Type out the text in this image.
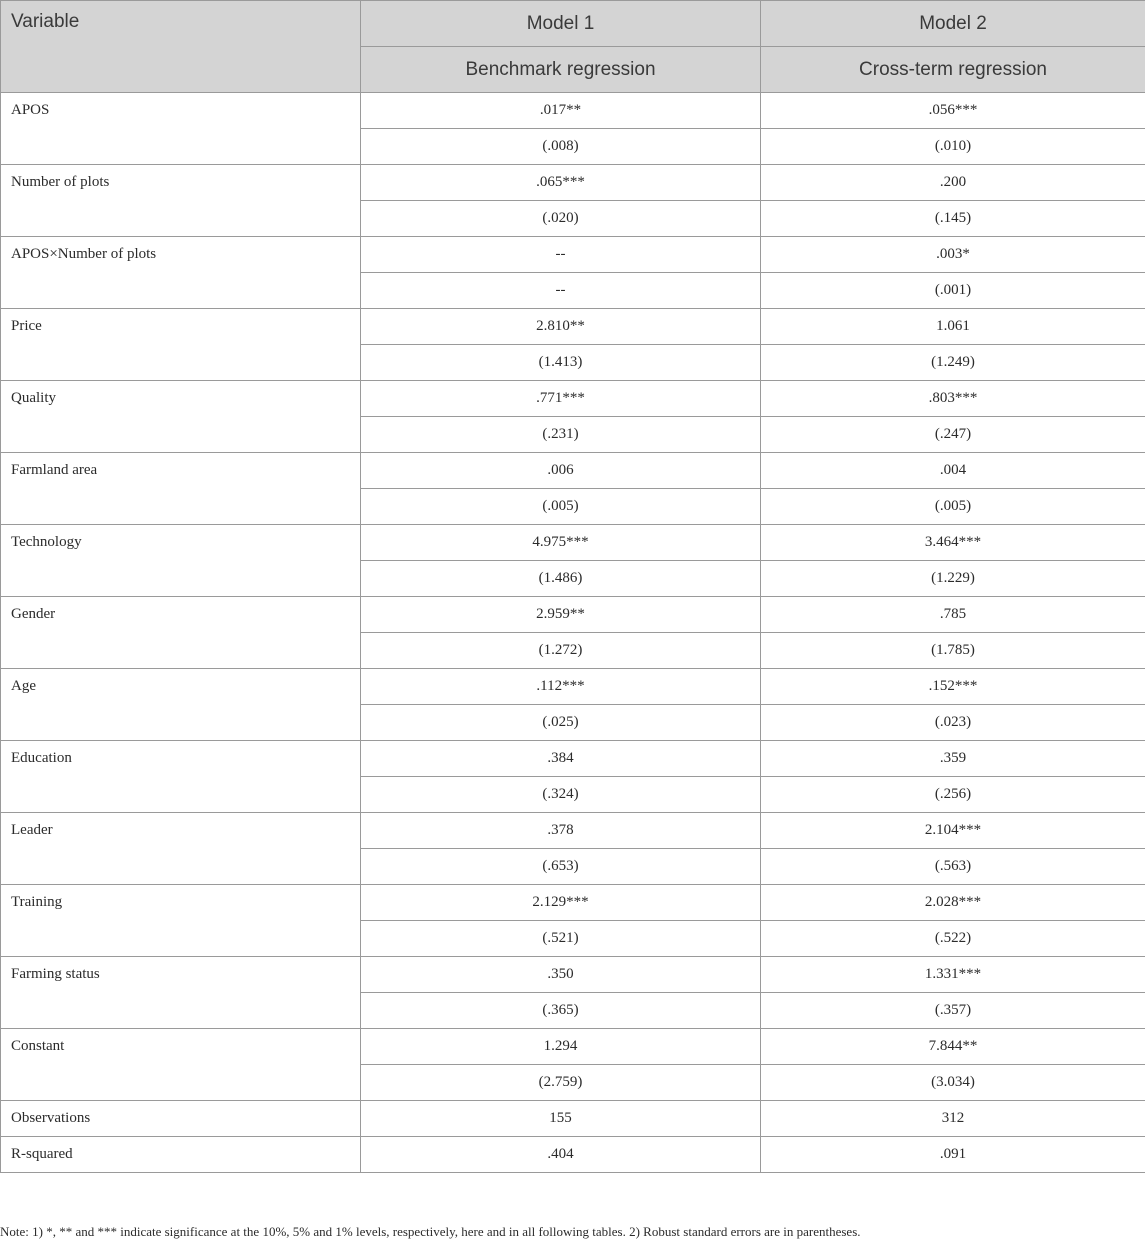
Variable	Model 1	Model 2
	Benchmark regression	Cross-term regression
APOS	.017**	.056***
	(.008)	(.010)
Number of plots	.065***	.200
	(.020)	(.145)
APOS×Number of plots	--	.003*
	--	(.001)
Price	2.810**	1.061
	(1.413)	(1.249)
Quality	.771***	.803***
	(.231)	(.247)
Farmland area	.006	.004
	(.005)	(.005)
Technology	4.975***	3.464***
	(1.486)	(1.229)
Gender	2.959**	.785
	(1.272)	(1.785)
Age	.112***	.152***
	(.025)	(.023)
Education	.384	.359
	(.324)	(.256)
Leader	.378	2.104***
	(.653)	(.563)
Training	2.129***	2.028***
	(.521)	(.522)
Farming status	.350	1.331***
	(.365)	(.357)
Constant	1.294	7.844**
	(2.759)	(3.034)
Observations	155	312
R-squared	.404	.091
Note: 1) *, ** and *** indicate significance at the 10%, 5% and 1% levels, respectively, here and in all following tables. 2) Robust standard errors are in parentheses.
